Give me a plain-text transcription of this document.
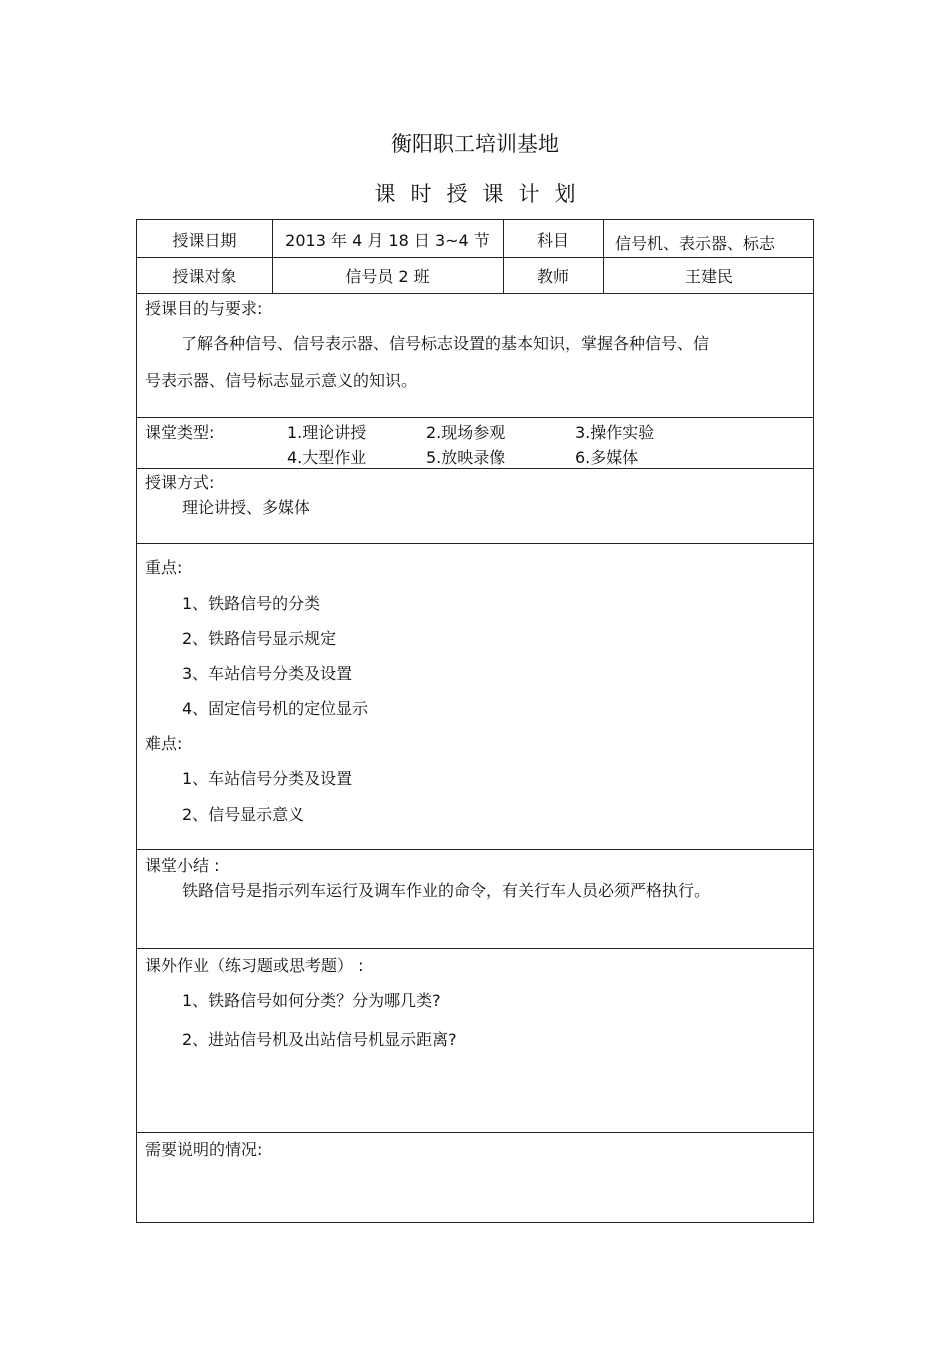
衡阳职工培训基地
课时授课计划
授课日期	2013 年 4 月 18 日 3~4 节	科目	信号机、表示器、标志
授课对象	信号员 2 班	教师	王建民
授课目的与要求:
了解各种信号、信号表示器、信号标志设置的基本知识，掌握各种信号、信
号表示器、信号标志显示意义的知识。
课堂类型:	1.理论讲授	2.现场参观	3.操作实验
4.大型作业	5.放映录像	6.多媒体
授课方式:
理论讲授、多媒体
重点:
1、铁路信号的分类
2、铁路信号显示规定
3、车站信号分类及设置
4、固定信号机的定位显示
难点:
1、车站信号分类及设置
2、信号显示意义
课堂小结 :
铁路信号是指示列车运行及调车作业的命令，有关行车人员必须严格执行。
课外作业（练习题或思考题） :
1、铁路信号如何分类？分为哪几类?
2、进站信号机及出站信号机显示距离?
需要说明的情况:
